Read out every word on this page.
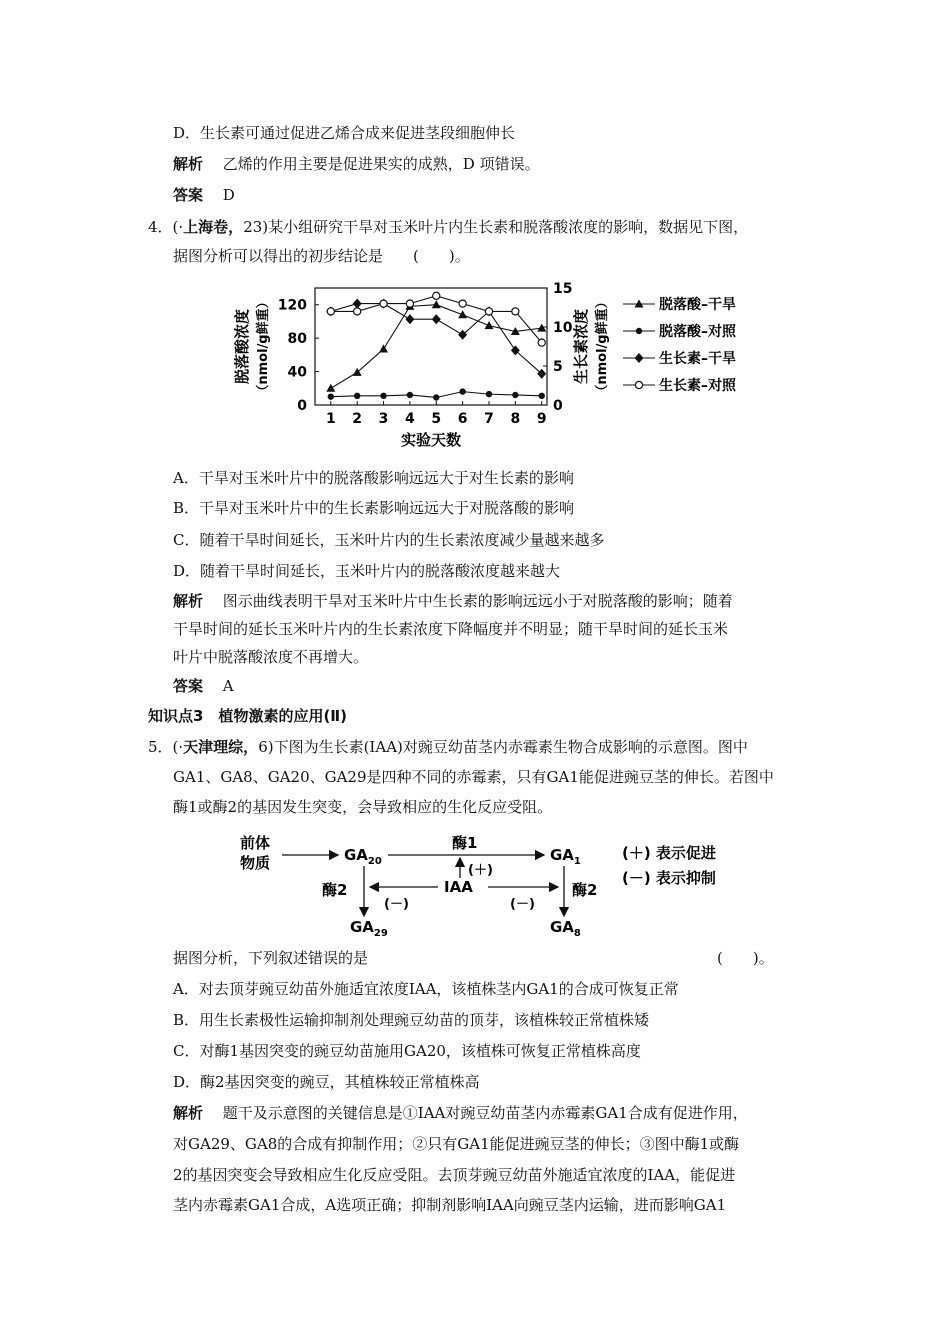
D．生长素可通过促进乙烯合成来促进茎段细胞伸长
解析　 乙烯的作用主要是促进果实的成熟，D 项错误。
答案　 D
4．(·上海卷，23)某小组研究干旱对玉米叶片内生长素和脱落酸浓度的影响，数据见下图，
据图分析可以得出的初步结论是　　(　　)。
1 2 3 4 5 6 7 8 9
0
40
80
120
0
5
10
15
实验天数
脱落酸浓度 （nmol/g鲜重）	生长素浓度 （nmol/g鲜重）	脱落酸–干旱
脱落酸–对照
生长素–干旱
生长素–对照
A．干旱对玉米叶片中的脱落酸影响远远大于对生长素的影响
B．干旱对玉米叶片中的生长素影响远远大于对脱落酸的影响
C．随着干旱时间延长，玉米叶片内的生长素浓度减少量越来越多
D．随着干旱时间延长，玉米叶片内的脱落酸浓度越来越大
解析　 图示曲线表明干旱对玉米叶片中生长素的影响远远小于对脱落酸的影响；随着
干旱时间的延长玉米叶片内的生长素浓度下降幅度并不明显；随干旱时间的延长玉米
叶片中脱落酸浓度不再增大。
答案　 A
知识点3　植物激素的应用(Ⅱ)
5．(·天津理综，6)下图为生长素(IAA)对豌豆幼苗茎内赤霉素生物合成影响的示意图。图中
GA1、GA8、GA20、GA29是四种不同的赤霉素，只有GA1能促进豌豆茎的伸长。若图中
酶1或酶2的基因发生突变，会导致相应的生化反应受阻。
前体
物质	$GA_{20}$
酶1
$GA_1$
(＋)
IAA
酶2	酶2
(－)	(－)
$GA_{29}$	$GA_8$
(＋) 表示促进
(－) 表示抑制
据图分析，下列叙述错误的是	(　　)。
A．对去顶芽豌豆幼苗外施适宜浓度IAA，该植株茎内GA1的合成可恢复正常
B．用生长素极性运输抑制剂处理豌豆幼苗的顶芽，该植株较正常植株矮
C．对酶1基因突变的豌豆幼苗施用GA20，该植株可恢复正常植株高度
D．酶2基因突变的豌豆，其植株较正常植株高
解析　 题干及示意图的关键信息是①IAA对豌豆幼苗茎内赤霉素GA1合成有促进作用，
对GA29、GA8的合成有抑制作用；②只有GA1能促进豌豆茎的伸长；③图中酶1或酶
2的基因突变会导致相应生化反应受阻。去顶芽豌豆幼苗外施适宜浓度的IAA，能促进
茎内赤霉素GA1合成，A选项正确；抑制剂影响IAA向豌豆茎内运输，进而影响GA1
